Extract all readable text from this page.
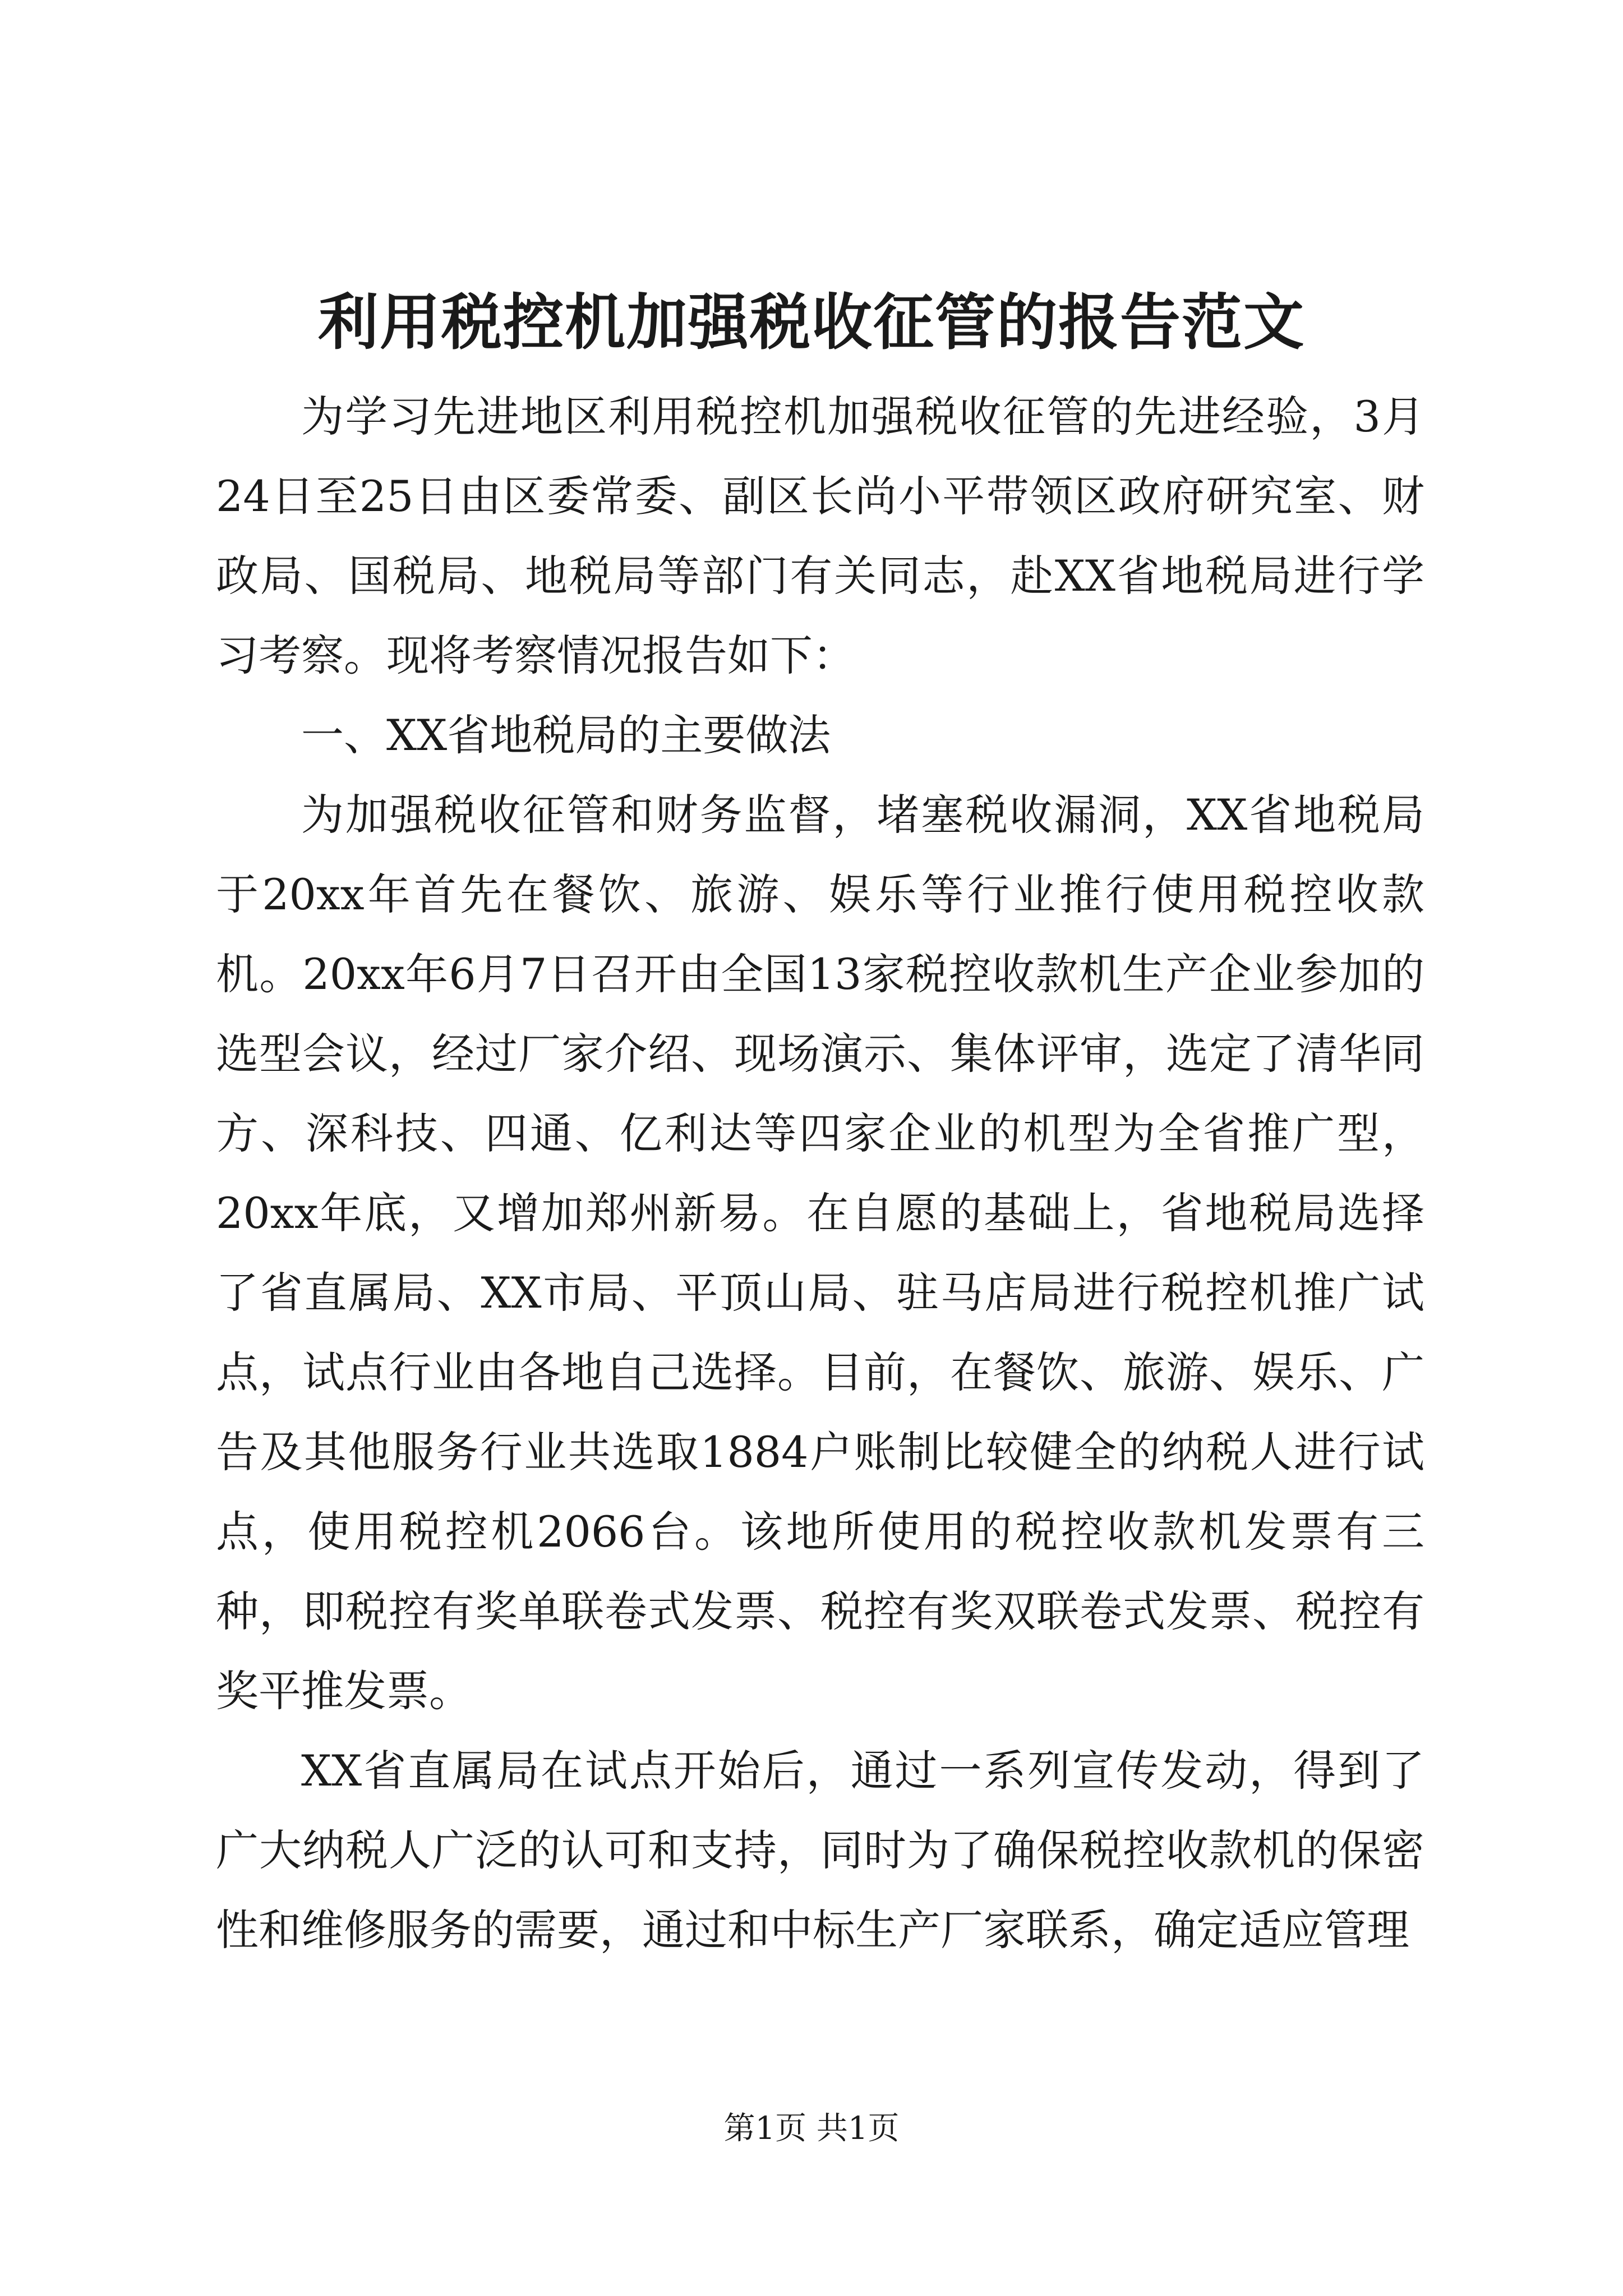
利用税控机加强税收征管的报告范文

为学习先进地区利用税控机加强税收征管的先进经验，3月24日至25日由区委常委、副区长尚小平带领区政府研究室、财政局、国税局、地税局等部门有关同志，赴XX省地税局进行学习考察。现将考察情况报告如下：

一、XX省地税局的主要做法

为加强税收征管和财务监督，堵塞税收漏洞，XX省地税局于20xx年首先在餐饮、旅游、娱乐等行业推行使用税控收款机。20xx年6月7日召开由全国13家税控收款机生产企业参加的选型会议，经过厂家介绍、现场演示、集体评审，选定了清华同方、深科技、四通、亿利达等四家企业的机型为全省推广型，20xx年底，又增加郑州新易。在自愿的基础上，省地税局选择了省直属局、XX市局、平顶山局、驻马店局进行税控机推广试点，试点行业由各地自己选择。目前，在餐饮、旅游、娱乐、广告及其他服务行业共选取1884户账制比较健全的纳税人进行试点，使用税控机2066台。该地所使用的税控收款机发票有三种，即税控有奖单联卷式发票、税控有奖双联卷式发票、税控有奖平推发票。

XX省直属局在试点开始后，通过一系列宣传发动，得到了广大纳税人广泛的认可和支持，同时为了确保税控收款机的保密性和维修服务的需要，通过和中标生产厂家联系，确定适应管理

第1页 共1页
